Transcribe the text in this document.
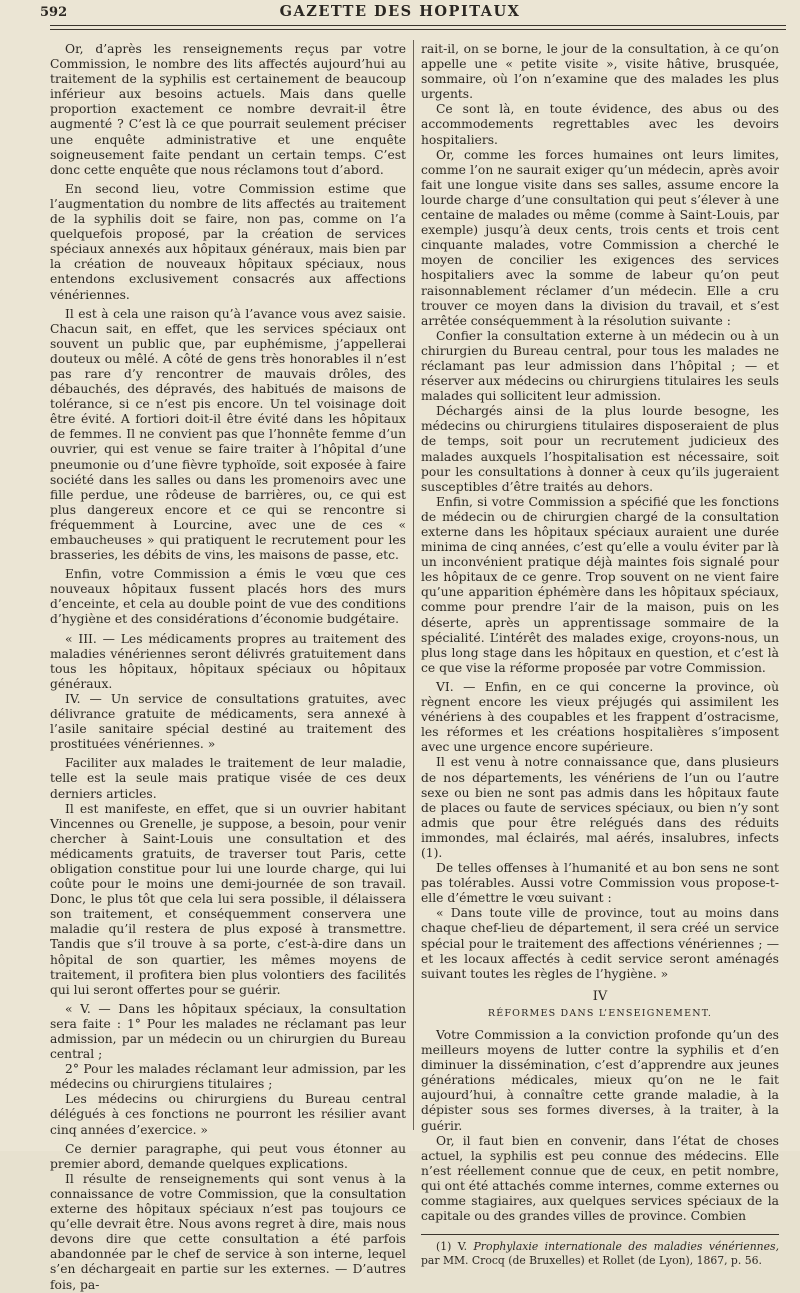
592	GAZETTE DES HOPITAUX

Or, d’après les renseignements reçus par votre Commission, le nombre des lits affectés aujourd’hui au traitement de la syphilis est certainement de beaucoup inférieur aux besoins actuels. Mais dans quelle proportion exactement ce nombre devrait-il être augmenté ? C’est là ce que pourrait seulement préciser une enquête administrative et une enquête soigneusement faite pendant un certain temps. C’est donc cette enquête que nous réclamons tout d’abord.

En second lieu, votre Commission estime que l’augmentation du nombre de lits affectés au traitement de la syphilis doit se faire, non pas, comme on l’a quelquefois proposé, par la création de services spéciaux annexés aux hôpitaux généraux, mais bien par la création de nouveaux hôpitaux spéciaux, nous entendons exclusivement consacrés aux affections vénériennes.

Il est à cela une raison qu’à l’avance vous avez saisie. Chacun sait, en effet, que les services spéciaux ont souvent un public que, par euphémisme, j’appellerai douteux ou mêlé. A côté de gens très honorables il n’est pas rare d’y rencontrer de mauvais drôles, des débauchés, des dépravés, des habitués de maisons de tolérance, si ce n’est pis encore. Un tel voisinage doit être évité. A fortiori doit-il être évité dans les hôpitaux de femmes. Il ne convient pas que l’honnête femme d’un ouvrier, qui est venue se faire traiter à l’hôpital d’une pneumonie ou d’une fièvre typhoïde, soit exposée à faire société dans les salles ou dans les promenoirs avec une fille perdue, une rôdeuse de barrières, ou, ce qui est plus dangereux encore et ce qui se rencontre si fréquemment à Lourcine, avec une de ces « embaucheuses » qui pratiquent le recrutement pour les brasseries, les débits de vins, les maisons de passe, etc.

Enfin, votre Commission a émis le vœu que ces nouveaux hôpitaux fussent placés hors des murs d’enceinte, et cela au double point de vue des conditions d’hygiène et des considérations d’économie budgétaire.

« III. — Les médicaments propres au traitement des maladies vénériennes seront délivrés gratuitement dans tous les hôpitaux, hôpitaux spéciaux ou hôpitaux généraux.

IV. — Un service de consultations gratuites, avec délivrance gratuite de médicaments, sera annexé à l’asile sanitaire spécial destiné au traitement des prostituées vénériennes. »

Faciliter aux malades le traitement de leur maladie, telle est la seule mais pratique visée de ces deux derniers articles.

Il est manifeste, en effet, que si un ouvrier habitant Vincennes ou Grenelle, je suppose, a besoin, pour venir chercher à Saint-Louis une consultation et des médicaments gratuits, de traverser tout Paris, cette obligation constitue pour lui une lourde charge, qui lui coûte pour le moins une demi-journée de son travail. Donc, le plus tôt que cela lui sera possible, il délaissera son traitement, et conséquemment conservera une maladie qu’il restera de plus exposé à transmettre. Tandis que s’il trouve à sa porte, c’est-à-dire dans un hôpital de son quartier, les mêmes moyens de traitement, il profitera bien plus volontiers des facilités qui lui seront offertes pour se guérir.

« V. — Dans les hôpitaux spéciaux, la consultation sera faite : 1° Pour les malades ne réclamant pas leur admission, par un médecin ou un chirurgien du Bureau central ;

2° Pour les malades réclamant leur admission, par les médecins ou chirurgiens titulaires ;

Les médecins ou chirurgiens du Bureau central délégués à ces fonctions ne pourront les résilier avant cinq années d’exercice. »

Ce dernier paragraphe, qui peut vous étonner au premier abord, demande quelques explications.

Il résulte de renseignements qui sont venus à la connaissance de votre Commission, que la consultation externe des hôpitaux spéciaux n’est pas toujours ce qu’elle devrait être. Nous avons regret à dire, mais nous devons dire que cette consultation a été parfois abandonnée par le chef de service à son interne, lequel s’en déchargeait en partie sur les externes. — D’autres fois, pa-

rait-il, on se borne, le jour de la consultation, à ce qu’on appelle une « petite visite », visite hâtive, brusquée, sommaire, où l’on n’examine que des malades les plus urgents.

Ce sont là, en toute évidence, des abus ou des accommodements regrettables avec les devoirs hospitaliers.

Or, comme les forces humaines ont leurs limites, comme l’on ne saurait exiger qu’un médecin, après avoir fait une longue visite dans ses salles, assume encore la lourde charge d’une consultation qui peut s’élever à une centaine de malades ou même (comme à Saint-Louis, par exemple) jusqu’à deux cents, trois cents et trois cent cinquante malades, votre Commission a cherché le moyen de concilier les exigences des services hospitaliers avec la somme de labeur qu’on peut raisonnablement réclamer d’un médecin. Elle a cru trouver ce moyen dans la division du travail, et s’est arrêtée conséquemment à la résolution suivante :

Confier la consultation externe à un médecin ou à un chirurgien du Bureau central, pour tous les malades ne réclamant pas leur admission dans l’hôpital ; — et réserver aux médecins ou chirurgiens titulaires les seuls malades qui sollicitent leur admission.

Déchargés ainsi de la plus lourde besogne, les médecins ou chirurgiens titulaires disposeraient de plus de temps, soit pour un recrutement judicieux des malades auxquels l’hospitalisation est nécessaire, soit pour les consultations à donner à ceux qu’ils jugeraient susceptibles d’être traités au dehors.

Enfin, si votre Commission a spécifié que les fonctions de médecin ou de chirurgien chargé de la consultation externe dans les hôpitaux spéciaux auraient une durée minima de cinq années, c’est qu’elle a voulu éviter par là un inconvénient pratique déjà maintes fois signalé pour les hôpitaux de ce genre. Trop souvent on ne vient faire qu’une apparition éphémère dans les hôpitaux spéciaux, comme pour prendre l’air de la maison, puis on les déserte, après un apprentissage sommaire de la spécialité. L’intérêt des malades exige, croyons-nous, un plus long stage dans les hôpitaux en question, et c’est là ce que vise la réforme proposée par votre Commission.

VI. — Enfin, en ce qui concerne la province, où règnent encore les vieux préjugés qui assimilent les vénériens à des coupables et les frappent d’ostracisme, les réformes et les créations hospitalières s’imposent avec une urgence encore supérieure.

Il est venu à notre connaissance que, dans plusieurs de nos départements, les vénériens de l’un ou l’autre sexe ou bien ne sont pas admis dans les hôpitaux faute de places ou faute de services spéciaux, ou bien n’y sont admis que pour être relégués dans des réduits immondes, mal éclairés, mal aérés, insalubres, infects (1).

De telles offenses à l’humanité et au bon sens ne sont pas tolérables. Aussi votre Commission vous propose-t-elle d’émettre le vœu suivant :

« Dans toute ville de province, tout au moins dans chaque chef-lieu de département, il sera créé un service spécial pour le traitement des affections vénériennes ; — et les locaux affectés à cedit service seront aménagés suivant toutes les règles de l’hygiène. »

IV
RÉFORMES DANS L’ENSEIGNEMENT.

Votre Commission a la conviction profonde qu’un des meilleurs moyens de lutter contre la syphilis et d’en diminuer la dissémination, c’est d’apprendre aux jeunes générations médicales, mieux qu’on ne le fait aujourd’hui, à connaître cette grande maladie, à la dépister sous ses formes diverses, à la traiter, à la guérir.

Or, il faut bien en convenir, dans l’état de choses actuel, la syphilis est peu connue des médecins. Elle n’est réellement connue que de ceux, en petit nombre, qui ont été attachés comme internes, comme externes ou comme stagiaires, aux quelques services spéciaux de la capitale ou des grandes villes de province. Combien

(1) V. Prophylaxie internationale des maladies vénériennes, par MM. Crocq (de Bruxelles) et Rollet (de Lyon), 1867, p. 56.
